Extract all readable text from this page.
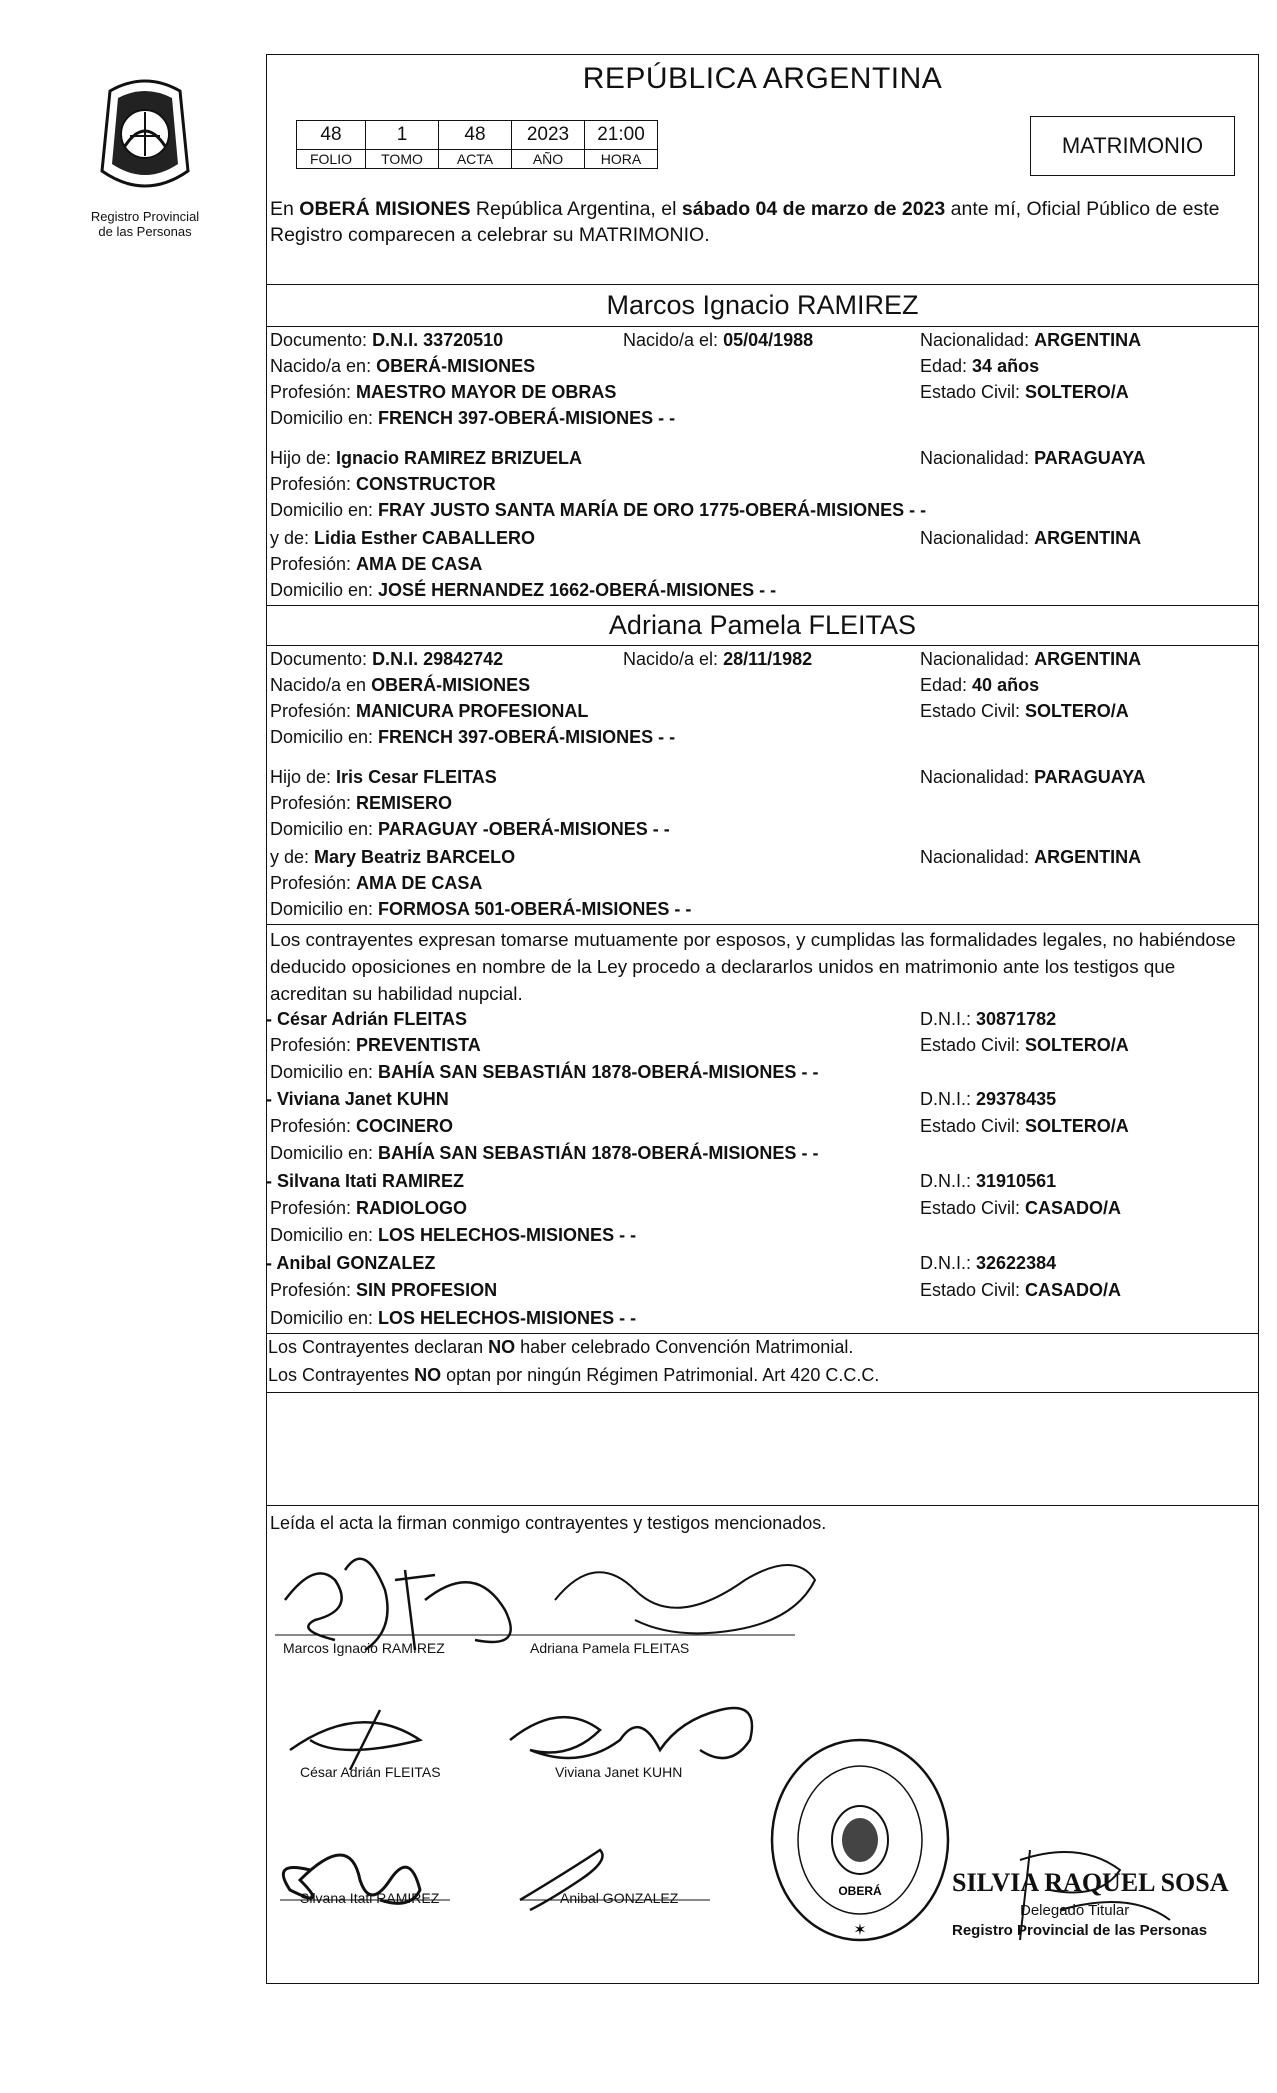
Registro Provincial
de las Personas
REPÚBLICA ARGENTINA
48	1	48	2023	21:00
FOLIO	TOMO	ACTA	AÑO	HORA
MATRIMONIO
En OBERÁ MISIONES República Argentina, el sábado 04 de marzo de 2023 ante mí, Oficial Público de este Registro comparecen a celebrar su MATRIMONIO.
Marcos Ignacio RAMIREZ
Documento: D.N.I. 33720510	Nacido/a el: 05/04/1988	Nacionalidad: ARGENTINA
Nacido/a en: OBERÁ-MISIONES	Edad: 34 años
Profesión: MAESTRO MAYOR DE OBRAS	Estado Civil: SOLTERO/A
Domicilio en: FRENCH 397-OBERÁ-MISIONES - -
Hijo de: Ignacio RAMIREZ BRIZUELA	Nacionalidad: PARAGUAYA
Profesión: CONSTRUCTOR
Domicilio en: FRAY JUSTO SANTA MARÍA DE ORO 1775-OBERÁ-MISIONES - -
y de: Lidia Esther CABALLERO	Nacionalidad: ARGENTINA
Profesión: AMA DE CASA
Domicilio en: JOSÉ HERNANDEZ 1662-OBERÁ-MISIONES - -
Adriana Pamela FLEITAS
Documento: D.N.I. 29842742	Nacido/a el: 28/11/1982	Nacionalidad: ARGENTINA
Nacido/a en OBERÁ-MISIONES	Edad: 40 años
Profesión: MANICURA PROFESIONAL	Estado Civil: SOLTERO/A
Domicilio en: FRENCH 397-OBERÁ-MISIONES - -
Hijo de: Iris Cesar FLEITAS	Nacionalidad: PARAGUAYA
Profesión: REMISERO
Domicilio en: PARAGUAY -OBERÁ-MISIONES - -
y de: Mary Beatriz BARCELO	Nacionalidad: ARGENTINA
Profesión: AMA DE CASA
Domicilio en: FORMOSA 501-OBERÁ-MISIONES - -
Los contrayentes expresan tomarse mutuamente por esposos, y cumplidas las formalidades legales, no habiéndose deducido oposiciones en nombre de la Ley procedo a declararlos unidos en matrimonio ante los testigos que acreditan su habilidad nupcial.
- César Adrián FLEITAS	D.N.I.: 30871782
Profesión: PREVENTISTA	Estado Civil: SOLTERO/A
Domicilio en: BAHÍA SAN SEBASTIÁN 1878-OBERÁ-MISIONES - -
- Viviana Janet KUHN	D.N.I.: 29378435
Profesión: COCINERO	Estado Civil: SOLTERO/A
Domicilio en: BAHÍA SAN SEBASTIÁN 1878-OBERÁ-MISIONES - -
- Silvana Itati RAMIREZ	D.N.I.: 31910561
Profesión: RADIOLOGO	Estado Civil: CASADO/A
Domicilio en: LOS HELECHOS-MISIONES - -
- Anibal GONZALEZ	D.N.I.: 32622384
Profesión: SIN PROFESION	Estado Civil: CASADO/A
Domicilio en: LOS HELECHOS-MISIONES - -
Los Contrayentes declaran NO haber celebrado Convención Matrimonial.
Los Contrayentes NO optan por ningún Régimen Patrimonial. Art 420 C.C.C.
Leída el acta la firman conmigo contrayentes y testigos mencionados.
Marcos Ignacio RAMIREZ	Adriana Pamela FLEITAS
César Adrián FLEITAS	Viviana Janet KUHN
Silvana Itati RAMIREZ	Anibal GONZALEZ	OBERÁ
✶
SILVIA RAQUEL SOSA
Delegado Titular
Registro Provincial de las Personas
